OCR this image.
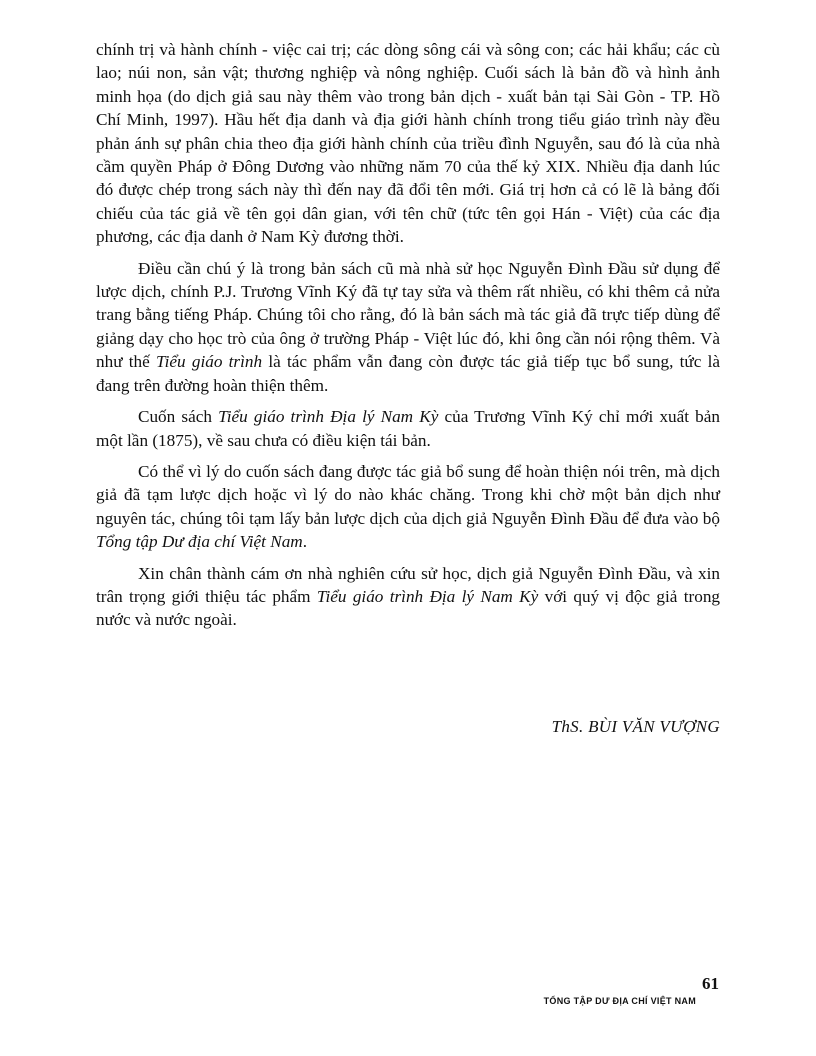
chính trị và hành chính - việc cai trị; các dòng sông cái và sông con; các hải khẩu; các cù lao; núi non, sản vật; thương nghiệp và nông nghiệp. Cuối sách là bản đồ và hình ảnh minh họa (do dịch giả sau này thêm vào trong bản dịch - xuất bản tại Sài Gòn - TP. Hồ Chí Minh, 1997). Hầu hết địa danh và địa giới hành chính trong tiểu giáo trình này đều phản ánh sự phân chia theo địa giới hành chính của triều đình Nguyễn, sau đó là của nhà cầm quyền Pháp ở Đông Dương vào những năm 70 của thế kỷ XIX. Nhiều địa danh lúc đó được chép trong sách này thì đến nay đã đổi tên mới. Giá trị hơn cả có lẽ là bảng đối chiếu của tác giả về tên gọi dân gian, với tên chữ (tức tên gọi Hán - Việt) của các địa phương, các địa danh ở Nam Kỳ đương thời.

Điều cần chú ý là trong bản sách cũ mà nhà sử học Nguyễn Đình Đầu sử dụng để lược dịch, chính P.J. Trương Vĩnh Ký đã tự tay sửa và thêm rất nhiều, có khi thêm cả nửa trang bằng tiếng Pháp. Chúng tôi cho rằng, đó là bản sách mà tác giả đã trực tiếp dùng để giảng dạy cho học trò của ông ở trường Pháp - Việt lúc đó, khi ông cần nói rộng thêm. Và như thế Tiểu giáo trình là tác phẩm vẫn đang còn được tác giả tiếp tục bổ sung, tức là đang trên đường hoàn thiện thêm.

Cuốn sách Tiểu giáo trình Địa lý Nam Kỳ của Trương Vĩnh Ký chỉ mới xuất bản một lần (1875), về sau chưa có điều kiện tái bản.

Có thể vì lý do cuốn sách đang được tác giả bổ sung để hoàn thiện nói trên, mà dịch giả đã tạm lược dịch hoặc vì lý do nào khác chăng. Trong khi chờ một bản dịch như nguyên tác, chúng tôi tạm lấy bản lược dịch của dịch giả Nguyễn Đình Đầu để đưa vào bộ Tổng tập Dư địa chí Việt Nam.

Xin chân thành cám ơn nhà nghiên cứu sử học, dịch giả Nguyễn Đình Đầu, và xin trân trọng giới thiệu tác phẩm Tiểu giáo trình Địa lý Nam Kỳ với quý vị độc giả trong nước và nước ngoài.

ThS. BÙI VĂN VƯỢNG
61
TỔNG TẬP DƯ ĐỊA CHÍ VIỆT NAM
